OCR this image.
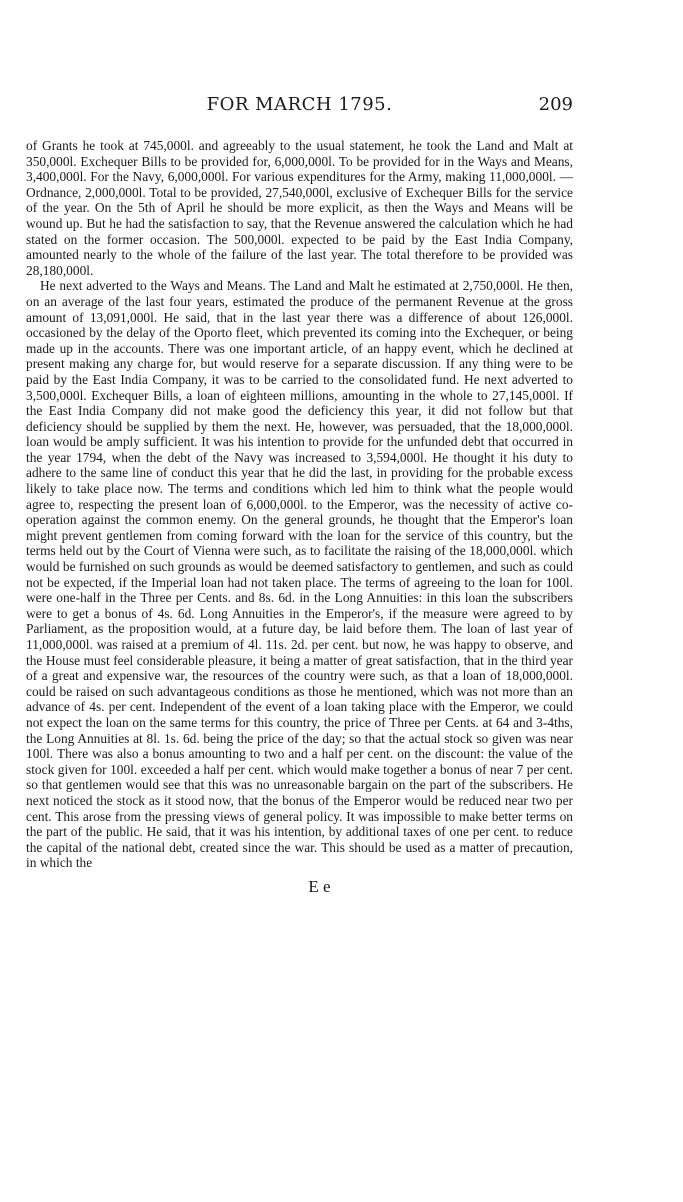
FOR MARCH 1795.	209

of Grants he took at 745,000l. and agreeably to the usual statement, he took the Land and Malt at 350,000l. Exchequer Bills to be provided for, 6,000,000l. To be provided for in the Ways and Means, 3,400,000l. For the Navy, 6,000,000l. For various expenditures for the Army, making 11,000,000l. — Ordnance, 2,000,000l. Total to be provided, 27,540,000l, exclusive of Exchequer Bills for the service of the year. On the 5th of April he should be more explicit, as then the Ways and Means will be wound up. But he had the satisfaction to say, that the Revenue answered the calculation which he had stated on the former occasion. The 500,000l. expected to be paid by the East India Company, amounted nearly to the whole of the failure of the last year. The total therefore to be provided was 28,180,000l.

He next adverted to the Ways and Means. The Land and Malt he estimated at 2,750,000l. He then, on an average of the last four years, estimated the produce of the permanent Revenue at the gross amount of 13,091,000l. He said, that in the last year there was a difference of about 126,000l. occasioned by the delay of the Oporto fleet, which prevented its coming into the Exchequer, or being made up in the accounts. There was one important article, of an happy event, which he declined at present making any charge for, but would reserve for a separate discussion. If any thing were to be paid by the East India Company, it was to be carried to the consolidated fund. He next adverted to 3,500,000l. Exchequer Bills, a loan of eighteen millions, amounting in the whole to 27,145,000l. If the East India Company did not make good the deficiency this year, it did not follow but that deficiency should be supplied by them the next. He, however, was persuaded, that the 18,000,000l. loan would be amply sufficient. It was his intention to provide for the unfunded debt that occurred in the year 1794, when the debt of the Navy was increased to 3,594,000l. He thought it his duty to adhere to the same line of conduct this year that he did the last, in providing for the probable excess likely to take place now. The terms and conditions which led him to think what the people would agree to, respecting the present loan of 6,000,000l. to the Emperor, was the necessity of active co-operation against the common enemy. On the general grounds, he thought that the Emperor's loan might prevent gentlemen from coming forward with the loan for the service of this country, but the terms held out by the Court of Vienna were such, as to facilitate the raising of the 18,000,000l. which would be furnished on such grounds as would be deemed satisfactory to gentlemen, and such as could not be expected, if the Imperial loan had not taken place. The terms of agreeing to the loan for 100l. were one-half in the Three per Cents. and 8s. 6d. in the Long Annuities: in this loan the subscribers were to get a bonus of 4s. 6d. Long Annuities in the Emperor's, if the measure were agreed to by Parliament, as the proposition would, at a future day, be laid before them. The loan of last year of 11,000,000l. was raised at a premium of 4l. 11s. 2d. per cent. but now, he was happy to observe, and the House must feel considerable pleasure, it being a matter of great satisfaction, that in the third year of a great and expensive war, the resources of the country were such, as that a loan of 18,000,000l. could be raised on such advantageous conditions as those he mentioned, which was not more than an advance of 4s. per cent. Independent of the event of a loan taking place with the Emperor, we could not expect the loan on the same terms for this country, the price of Three per Cents. at 64 and 3-4ths, the Long Annuities at 8l. 1s. 6d. being the price of the day; so that the actual stock so given was near 100l. There was also a bonus amounting to two and a half per cent. on the discount: the value of the stock given for 100l. exceeded a half per cent. which would make together a bonus of near 7 per cent. so that gentlemen would see that this was no unreasonable bargain on the part of the subscribers. He next noticed the stock as it stood now, that the bonus of the Emperor would be reduced near two per cent. This arose from the pressing views of general policy. It was impossible to make better terms on the part of the public. He said, that it was his intention, by additional taxes of one per cent. to reduce the capital of the national debt, created since the war. This should be used as a matter of precaution, in which the

E e
